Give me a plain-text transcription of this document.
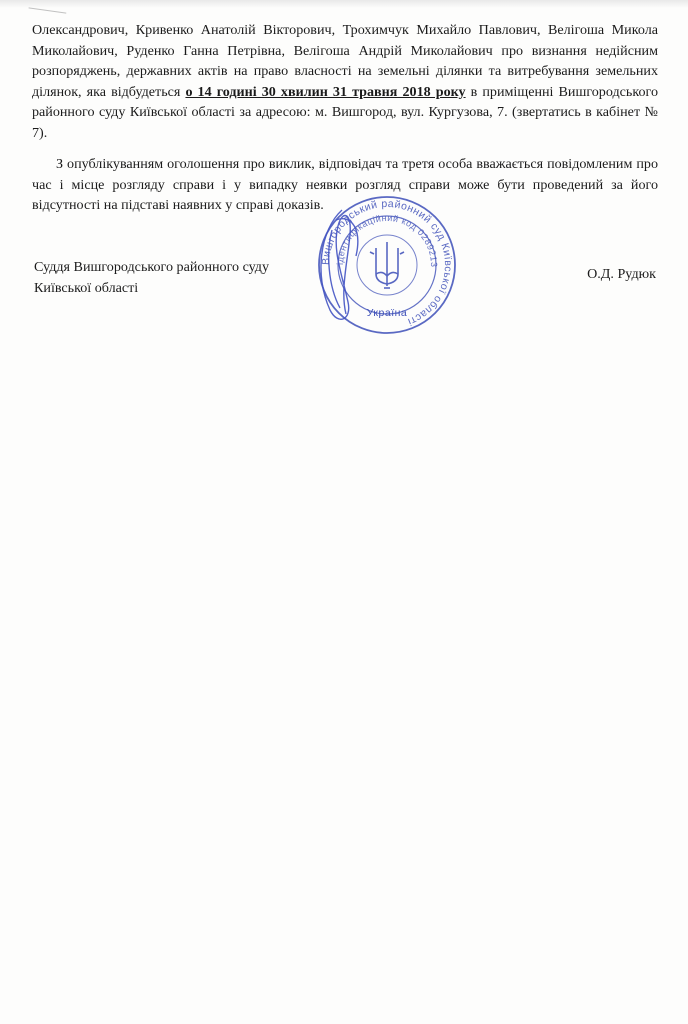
Олександрович, Кривенко Анатолій Вікторович, Трохимчук Михайло Павлович, Велігоша Микола Миколайович, Руденко Ганна Петрівна, Велігоша Андрій Миколайович про визнання недійсним розпоряджень, державних актів на право власності на земельні ділянки та витребування земельних ділянок, яка відбудеться о 14 годині 30 хвилин 31 травня 2018 року в приміщенні Вишгородського районного суду Київської області за адресою: м. Вишгород, вул. Кургузова, 7. (звертатись в кабінет № 7).

З опублікуванням оголошення про виклик, відповідач та третя особа вважається повідомленим про час і місце розгляду справи і у випадку неявки розгляд справи може бути проведений за його відсутності на підставі наявних у справі доказів.

Вишгородський районний суд Київської області
ідентифікаційний код 0289213
Україна
Суддя Вишгородського районного суду
Київської області
О.Д. Рудюк
